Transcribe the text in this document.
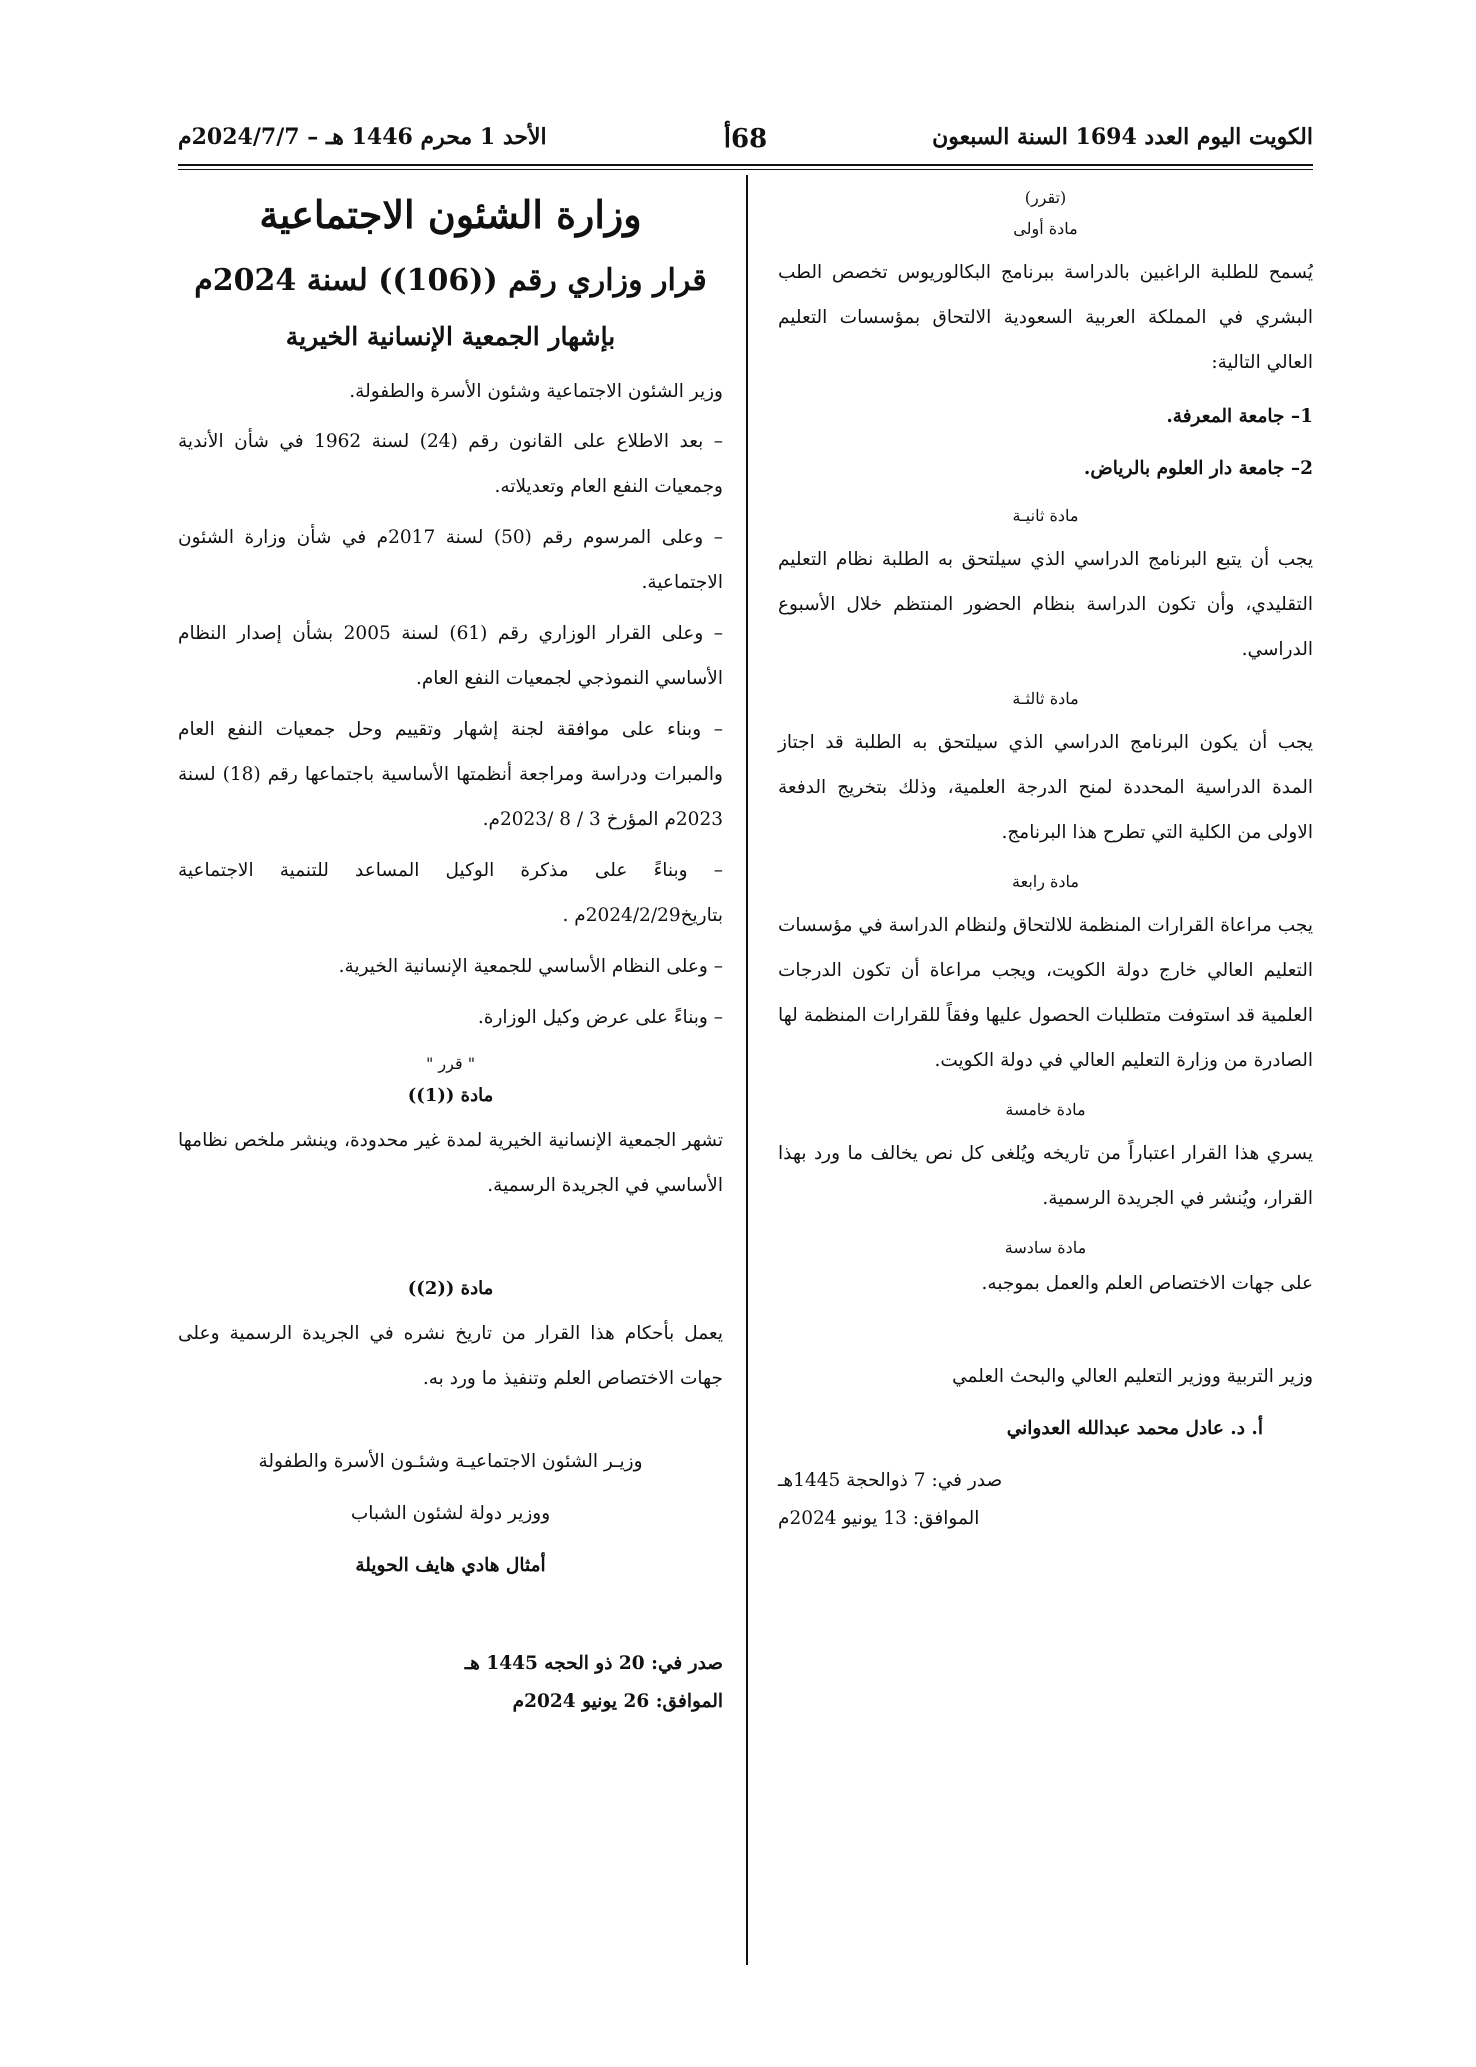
الكويت اليوم العدد 1694 السنة السبعون
68أ
الأحد 1 محرم 1446 هـ – 2024/7/7م

(تقرر)

مادة أولى

يُسمح للطلبة الراغبين بالدراسة ببرنامج البكالوريوس تخصص الطب البشري في المملكة العربية السعودية الالتحاق بمؤسسات التعليم العالي التالية:

1– جامعة المعرفة.

2– جامعة دار العلوم بالرياض.

مادة ثانيـة

يجب أن يتبع البرنامج الدراسي الذي سيلتحق به الطلبة نظام التعليم التقليدي، وأن تكون الدراسة بنظام الحضور المنتظم خلال الأسبوع الدراسي.

مادة ثالثـة

يجب أن يكون البرنامج الدراسي الذي سيلتحق به الطلبة قد اجتاز المدة الدراسية المحددة لمنح الدرجة العلمية، وذلك بتخريج الدفعة الاولى من الكلية التي تطرح هذا البرنامج.

مادة رابعة

يجب مراعاة القرارات المنظمة للالتحاق ولنظام الدراسة في مؤسسات التعليم العالي خارج دولة الكويت، ويجب مراعاة أن تكون الدرجات العلمية قد استوفت متطلبات الحصول عليها وفقاً للقرارات المنظمة لها الصادرة من وزارة التعليم العالي في دولة الكويت.

مادة خامسة

يسري هذا القرار اعتباراً من تاريخه ويُلغى كل نص يخالف ما ورد بهذا القرار، ويُنشر في الجريدة الرسمية.

مادة سادسة

على جهات الاختصاص العلم والعمل بموجبه.

وزير التربية ووزير التعليم العالي والبحث العلمي

أ. د. عادل محمد عبدالله العدواني

صدر في: 7 ذوالحجة 1445هـ

الموافق: 13 يونيو 2024م

وزارة الشئون الاجتماعية

قرار وزاري رقم ((106)) لسنة 2024م

بإشهار الجمعية الإنسانية الخيرية

وزير الشئون الاجتماعية وشئون الأسرة والطفولة.

– بعد الاطلاع على القانون رقم (24) لسنة 1962 في شأن الأندية وجمعيات النفع العام وتعديلاته.

– وعلى المرسوم رقم (50) لسنة 2017م في شأن وزارة الشئون الاجتماعية.

– وعلى القرار الوزاري رقم (61) لسنة 2005 بشأن إصدار النظام الأساسي النموذجي لجمعيات النفع العام.

– وبناء على موافقة لجنة إشهار وتقييم وحل جمعيات النفع العام والمبرات ودراسة ومراجعة أنظمتها الأساسية باجتماعها رقم (18) لسنة 2023م المؤرخ 3 / 8 /2023م.

– وبناءً على مذكرة الوكيل المساعد للتنمية الاجتماعية بتاريخ2024/2/29م .

– وعلى النظام الأساسي للجمعية الإنسانية الخيرية.

– وبناءً على عرض وكيل الوزارة.

" قرر "

مادة ((1))

تشهر الجمعية الإنسانية الخيرية لمدة غير محدودة، وينشر ملخص نظامها الأساسي في الجريدة الرسمية.

مادة ((2))

يعمل بأحكام هذا القرار من تاريخ نشره في الجريدة الرسمية وعلى جهات الاختصاص العلم وتنفيذ ما ورد به.

وزيـر الشئون الاجتماعيـة وشئـون الأسرة والطفولة

ووزير دولة لشئون الشباب

أمثال هادي هايف الحويلة

صدر في: 20 ذو الحجه 1445 هـ

الموافق: 26 يونيو 2024م
